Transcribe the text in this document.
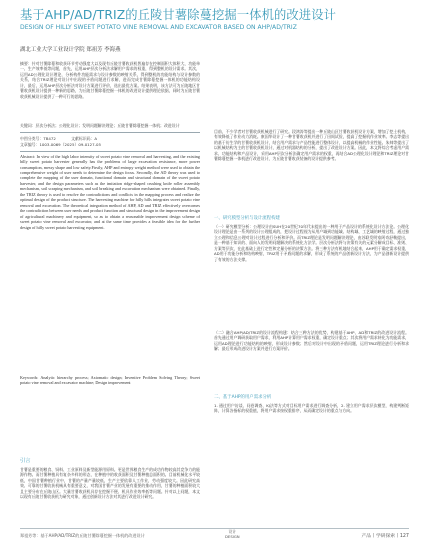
基于AHP/AD/TRIZ的丘陵甘薯除蔓挖掘一体机的改进设计
DESIGN OF HILLY SWEET POTATO VINE REMOVAL AND EXCAVATOR BASED ON AHP/AD/TRIZ
湖北工业大学工业设计学院 郑祖芳 李海燕

摘要：针对甘薯除蔓和收获环节劳动强度大以及现有丘陵甘薯收获机普遍存在控制面积大体积大、功能单一、生产效率低等问题，首先，运用AHP层次分析法求解用户需求的权重，得到整机的设计需求。其次，运用AD公理化设计理论，分析构件功能需求与设计参数的映射关系，得到整机的功能结构与设计参数的关系，结合TRIZ理论对设计中出现的矛盾问题进行求解，进而完成甘薯除蔓挖掘一体机的功能结构设计，最后，运用AHP层次分析法对设计方案进行评价，选出最优方案。结果表明，该方法可为丘陵地区甘薯收获机设计提供一种新的思路，为丘陵甘薯除蔓挖掘一体机的改进设计提供理论依据，同时为丘陵甘薯收获机械设计提供了一种可行的思路。

关键词：层次分析法；公理化设计；发明问题解决理论；丘陵甘薯除蔓挖掘一体机；改进设计

中图分类号：TB472	文献标识码：A
文章编号：1003-0069（2025）09-0127-05

Abstract: In view of the high labor intensity of sweet potato vine removal and harvesting, and the existing hilly sweet potato harvester generally has the problems of large excavation resistance, more power consumption, messy shape and low safety.Firstly, AHP and entropy weight method were used to obtain the comprehensive weight of user needs to determine the design focus. Secondly, the AD theory was used to complete the mapping of the user domain, functional domain and structural domain of the sweet potato harvester, and the design parameters such as the imitation ridge-shaped crushing knife roller assembly mechanism, soil scraping mechanism, and soil breaking and excavation mechanism were obtained. Finally, the TRIZ theory is used to resolve the contradictions and conflicts in the mapping process and realize the optimal design of the product structure. The harvesting machine for hilly hills integrates sweet potato vine removal and excavation. The theoretical integration method of AHP, AD and TRIZ effectively overcomes the contradiction between user needs and product function and structural design in the improvement design of agricultural machinery and equipment, so as to obtain a reasonable improvement design scheme of sweet potato vine removal and excavator, and at the same time provides a feasible idea for the further design of hilly sweet potato harvesting equipment.

Keywords: Analytic hierarchy process; Axiomatic design; Inventive Problem Solving Theory; Sweet potato vine removal and excavator machine; Design improvement

引言

甘薯是重要的粮食、饲料、工业原料及新型能源用原料。更是世界粮食生产的成功作物较高其竞争力的能源作物。而甘薯种植具有复杂多样的形态，在种植中的收获面积及甘薯种植总面积的。目前机械化水平较低，中国甘薯种植行业中，甘薯的产量产量较低，生产主要依靠人工作业，劳动强度较大。因此研究高效、可靠的甘薯收获机械具有重要意义，对我国甘薯产业的发展有重要的推动作用，甘薯的种植面积较大且主要分布在丘陵山区。大量甘薯收获机具存在挖掘不便、机具作业效率低等问题。针对以上问题，本文以现有丘陵甘薯收获机为研究对象，通过创新设计方法对其进行改进设计研究。

目前，不少学者对甘薯收获机械进行了研究。段鸿涛等提出一种丘陵山区甘薯收获机设计方案，增加了挖土机构，有效降低了作业动力消耗。康国华设计了一种甘薯收获机并进行了田间试验，提高了挖掘机作业效率。李志等提出的基于仿生学的甘薯收获机设计，结合用户需求与产品性能进行整体设计，以提高机械的作业性能。朱帅等提出了以机械结构为主的甘薯收获机设计，通过对机器结构的分析，提出了改进设计方案。因此，本文将综合考虑用户需求、功能结构和产品设计，采用AHP层次分析法确定用户需求的权重，再结合AD公理化设计理论和TRIZ理论对甘薯除蔓挖掘一体机进行改进设计，为丘陵甘薯收获装备的设计提供参考。

一、研究模型分析与设计流程构建

（一）研究模型分析：公理设计由SUH在20世纪70年代末提出的一种用于产品设计的系统化设计方法论。公理化设计理论是由一系列的设计公理组成的，把设计过程视为从用户域到功能域、结构域、工艺域的映射过程，通过独立公理和信息公理对设计过程进行分析和评价。而TRIZ理论是发明问题解决理论，由苏联发明家阿奇舒勒提出，是一种基于知识的、面向人的发明问题解决的系统化方法学。层次分析法将与决策有关的元素分解成目标、准则、方案等层次，在此基础上进行定性和定量分析的决策方法。将三种方法有机地结合起来，AHP用于确定需求权重，AD用于功能分析和结构映射，TRIZ用于矛盾问题的求解，形成了系统的产品创新设计方法，为产品创新设计提供了有效的方法支撑。

（二）融合AHP/AD/TRIZ的设计流程构建：结合三种方法的优势，构建基于AHP、AD和TRIZ的改进设计流程。首先通过用户调研获取用户需求，利用AHP计算用户需求权重，确定设计重点；其次将用户需求转化为功能需求，运用AD理论进行功能结构的映射，形成设计参数；然后对设计中出现的矛盾问题，运用TRIZ理论进行分析和求解；最后形成改进设计方案并进行方案评价。

二、基于AHP的用户需求分析

1. 通过用户访谈、问卷调查、KJ法等方式对目标用户需求进行调查分析，2. 建立用户需求层次模型，构建判断矩阵，计算各指标的权重值，将用户需求按权重排序，从而确定设计的重点与方向。

郑祖芳等：基于AHP/AD/TRIZ的丘陵甘薯除蔓挖掘一体机的改进设计
设计
DESIGN	产品丨学研探索丨127
